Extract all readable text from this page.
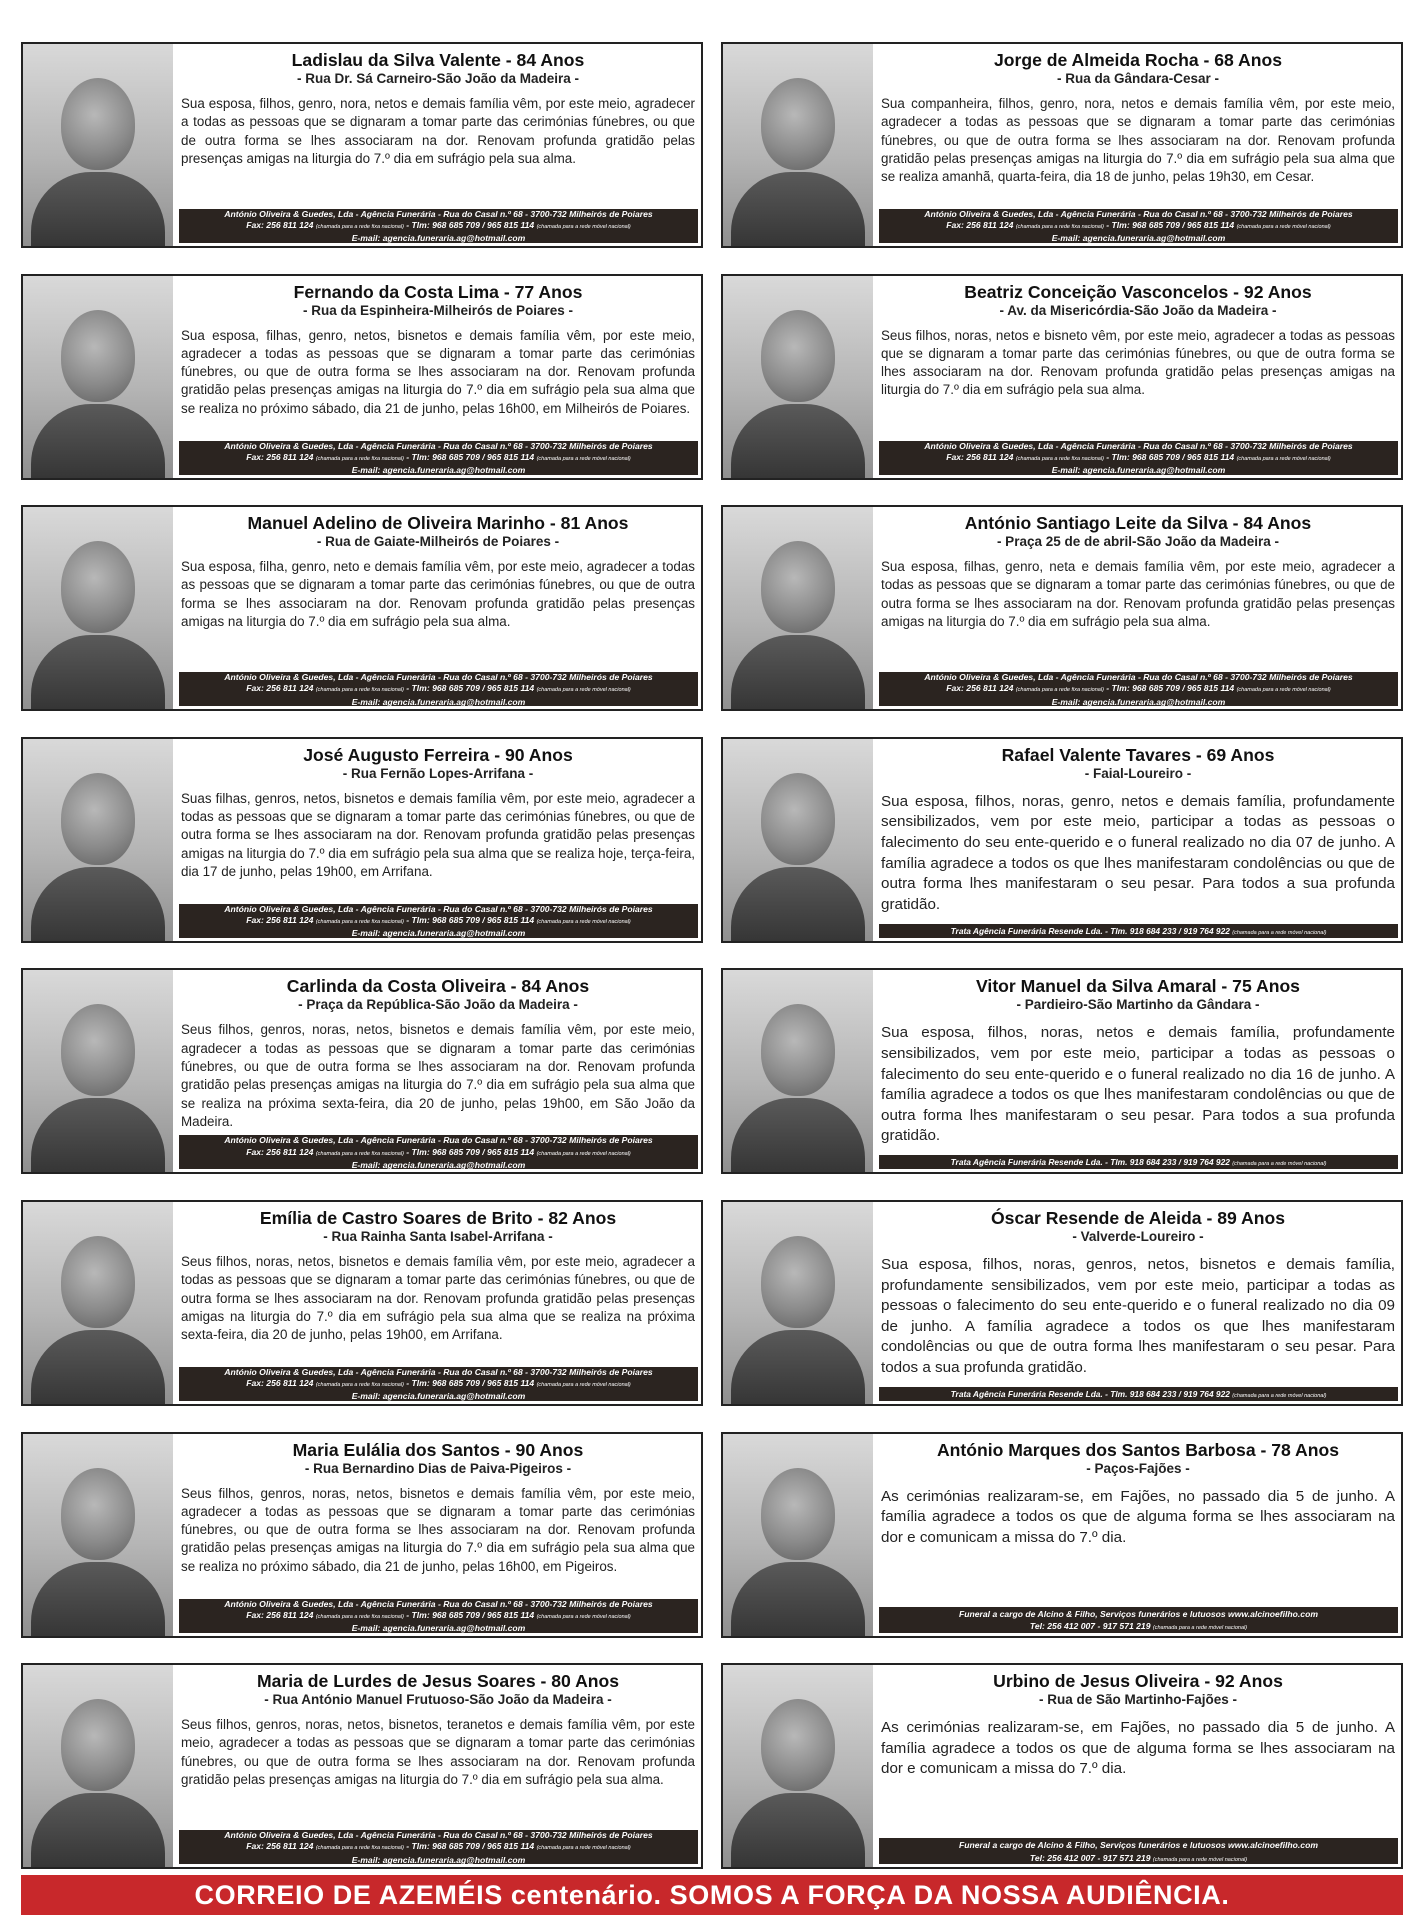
Ladislau da Silva Valente - 84 Anos
- Rua Dr. Sá Carneiro-São João da Madeira -
Sua esposa, filhos, genro, nora, netos e demais família vêm, por este meio, agradecer a todas as pessoas que se dignaram a tomar parte das cerimónias fúnebres, ou que de outra forma se lhes associaram na dor. Renovam profunda gratidão pelas presenças amigas na liturgia do 7.º dia em sufrágio pela sua alma.
António Oliveira & Guedes, Lda - Agência Funerária - Rua do Casal n.º 68 - 3700-732 Milheirós de Poiares
Fax: 256 811 124 (chamada para a rede fixa nacional) - Tlm: 968 685 709 / 965 815 114 (chamada para a rede móvel nacional)
E-mail: agencia.funeraria.ag@hotmail.com
Jorge de Almeida Rocha - 68 Anos
- Rua da Gândara-Cesar -
Sua companheira, filhos, genro, nora, netos e demais família vêm, por este meio, agradecer a todas as pessoas que se dignaram a tomar parte das cerimónias fúnebres, ou que de outra forma se lhes associaram na dor. Renovam profunda gratidão pelas presenças amigas na liturgia do 7.º dia em sufrágio pela sua alma que se realiza amanhã, quarta-feira, dia 18 de junho, pelas 19h30, em Cesar.
António Oliveira & Guedes, Lda - Agência Funerária - Rua do Casal n.º 68 - 3700-732 Milheirós de Poiares
Fax: 256 811 124 (chamada para a rede fixa nacional) - Tlm: 968 685 709 / 965 815 114 (chamada para a rede móvel nacional)
E-mail: agencia.funeraria.ag@hotmail.com
Fernando da Costa Lima - 77 Anos
- Rua da Espinheira-Milheirós de Poiares -
Sua esposa, filhas, genro, netos, bisnetos e demais família vêm, por este meio, agradecer a todas as pessoas que se dignaram a tomar parte das cerimónias fúnebres, ou que de outra forma se lhes associaram na dor. Renovam profunda gratidão pelas presenças amigas na liturgia do 7.º dia em sufrágio pela sua alma que se realiza no próximo sábado, dia 21 de junho, pelas 16h00, em Milheirós de Poiares.
António Oliveira & Guedes, Lda - Agência Funerária - Rua do Casal n.º 68 - 3700-732 Milheirós de Poiares
Fax: 256 811 124 (chamada para a rede fixa nacional) - Tlm: 968 685 709 / 965 815 114 (chamada para a rede móvel nacional)
E-mail: agencia.funeraria.ag@hotmail.com
Beatriz Conceição Vasconcelos - 92 Anos
- Av. da Misericórdia-São João da Madeira -
Seus filhos, noras, netos e bisneto vêm, por este meio, agradecer a todas as pessoas que se dignaram a tomar parte das cerimónias fúnebres, ou que de outra forma se lhes associaram na dor. Renovam profunda gratidão pelas presenças amigas na liturgia do 7.º dia em sufrágio pela sua alma.
António Oliveira & Guedes, Lda - Agência Funerária - Rua do Casal n.º 68 - 3700-732 Milheirós de Poiares
Fax: 256 811 124 (chamada para a rede fixa nacional) - Tlm: 968 685 709 / 965 815 114 (chamada para a rede móvel nacional)
E-mail: agencia.funeraria.ag@hotmail.com
Manuel Adelino de Oliveira Marinho - 81 Anos
- Rua de Gaiate-Milheirós de Poiares -
Sua esposa, filha, genro, neto e demais família vêm, por este meio, agradecer a todas as pessoas que se dignaram a tomar parte das cerimónias fúnebres, ou que de outra forma se lhes associaram na dor. Renovam profunda gratidão pelas presenças amigas na liturgia do 7.º dia em sufrágio pela sua alma.
António Oliveira & Guedes, Lda - Agência Funerária - Rua do Casal n.º 68 - 3700-732 Milheirós de Poiares
Fax: 256 811 124 (chamada para a rede fixa nacional) - Tlm: 968 685 709 / 965 815 114 (chamada para a rede móvel nacional)
E-mail: agencia.funeraria.ag@hotmail.com
António Santiago Leite da Silva - 84 Anos
- Praça 25 de de abril-São João da Madeira -
Sua esposa, filhas, genro, neta e demais família vêm, por este meio, agradecer a todas as pessoas que se dignaram a tomar parte das cerimónias fúnebres, ou que de outra forma se lhes associaram na dor. Renovam profunda gratidão pelas presenças amigas na liturgia do 7.º dia em sufrágio pela sua alma.
António Oliveira & Guedes, Lda - Agência Funerária - Rua do Casal n.º 68 - 3700-732 Milheirós de Poiares
Fax: 256 811 124 (chamada para a rede fixa nacional) - Tlm: 968 685 709 / 965 815 114 (chamada para a rede móvel nacional)
E-mail: agencia.funeraria.ag@hotmail.com
José Augusto Ferreira - 90 Anos
- Rua Fernão Lopes-Arrifana -
Suas filhas, genros, netos, bisnetos e demais família vêm, por este meio, agradecer a todas as pessoas que se dignaram a tomar parte das cerimónias fúnebres, ou que de outra forma se lhes associaram na dor. Renovam profunda gratidão pelas presenças amigas na liturgia do 7.º dia em sufrágio pela sua alma que se realiza hoje, terça-feira, dia 17 de junho, pelas 19h00, em Arrifana.
António Oliveira & Guedes, Lda - Agência Funerária - Rua do Casal n.º 68 - 3700-732 Milheirós de Poiares
Fax: 256 811 124 (chamada para a rede fixa nacional) - Tlm: 968 685 709 / 965 815 114 (chamada para a rede móvel nacional)
E-mail: agencia.funeraria.ag@hotmail.com
Rafael Valente Tavares - 69 Anos
- Faial-Loureiro -
Sua esposa, filhos, noras, genro, netos e demais família, profundamente sensibilizados, vem por este meio, participar a todas as pessoas o falecimento do seu ente-querido e o funeral realizado no dia 07 de junho. A família agradece a todos os que lhes manifestaram condolências ou que de outra forma lhes manifestaram o seu pesar. Para todos a sua profunda gratidão.
Trata Agência Funerária Resende Lda. - Tlm. 918 684 233 / 919 764 922 (chamada para a rede móvel nacional)
Carlinda da Costa Oliveira - 84 Anos
- Praça da República-São João da Madeira -
Seus filhos, genros, noras, netos, bisnetos e demais família vêm, por este meio, agradecer a todas as pessoas que se dignaram a tomar parte das cerimónias fúnebres, ou que de outra forma se lhes associaram na dor. Renovam profunda gratidão pelas presenças amigas na liturgia do 7.º dia em sufrágio pela sua alma que se realiza na próxima sexta-feira, dia 20 de junho, pelas 19h00, em São João da Madeira.
António Oliveira & Guedes, Lda - Agência Funerária - Rua do Casal n.º 68 - 3700-732 Milheirós de Poiares
Fax: 256 811 124 (chamada para a rede fixa nacional) - Tlm: 968 685 709 / 965 815 114 (chamada para a rede móvel nacional)
E-mail: agencia.funeraria.ag@hotmail.com
Vitor Manuel da Silva Amaral - 75 Anos
- Pardieiro-São Martinho da Gândara -
Sua esposa, filhos, noras, netos e demais família, profundamente sensibilizados, vem por este meio, participar a todas as pessoas o falecimento do seu ente-querido e o funeral realizado no dia 16 de junho. A família agradece a todos os que lhes manifestaram condolências ou que de outra forma lhes manifestaram o seu pesar. Para todos a sua profunda gratidão.
Trata Agência Funerária Resende Lda. - Tlm. 918 684 233 / 919 764 922 (chamada para a rede móvel nacional)
Emília de Castro Soares de Brito - 82 Anos
- Rua Rainha Santa Isabel-Arrifana -
Seus filhos, noras, netos, bisnetos e demais família vêm, por este meio, agradecer a todas as pessoas que se dignaram a tomar parte das cerimónias fúnebres, ou que de outra forma se lhes associaram na dor. Renovam profunda gratidão pelas presenças amigas na liturgia do 7.º dia em sufrágio pela sua alma que se realiza na próxima sexta-feira, dia 20 de junho, pelas 19h00, em Arrifana.
António Oliveira & Guedes, Lda - Agência Funerária - Rua do Casal n.º 68 - 3700-732 Milheirós de Poiares
Fax: 256 811 124 (chamada para a rede fixa nacional) - Tlm: 968 685 709 / 965 815 114 (chamada para a rede móvel nacional)
E-mail: agencia.funeraria.ag@hotmail.com
Óscar Resende de Aleida - 89 Anos
- Valverde-Loureiro -
Sua esposa, filhos, noras, genros, netos, bisnetos e demais família, profundamente sensibilizados, vem por este meio, participar a todas as pessoas o falecimento do seu ente-querido e o funeral realizado no dia 09 de junho. A família agradece a todos os que lhes manifestaram condolências ou que de outra forma lhes manifestaram o seu pesar. Para todos a sua profunda gratidão.
Trata Agência Funerária Resende Lda. - Tlm. 918 684 233 / 919 764 922 (chamada para a rede móvel nacional)
Maria Eulália dos Santos - 90 Anos
- Rua Bernardino Dias de Paiva-Pigeiros -
Seus filhos, genros, noras, netos, bisnetos e demais família vêm, por este meio, agradecer a todas as pessoas que se dignaram a tomar parte das cerimónias fúnebres, ou que de outra forma se lhes associaram na dor. Renovam profunda gratidão pelas presenças amigas na liturgia do 7.º dia em sufrágio pela sua alma que se realiza no próximo sábado, dia 21 de junho, pelas 16h00, em Pigeiros.
António Oliveira & Guedes, Lda - Agência Funerária - Rua do Casal n.º 68 - 3700-732 Milheirós de Poiares
Fax: 256 811 124 (chamada para a rede fixa nacional) - Tlm: 968 685 709 / 965 815 114 (chamada para a rede móvel nacional)
E-mail: agencia.funeraria.ag@hotmail.com
António Marques dos Santos Barbosa - 78 Anos
- Paços-Fajões -
As cerimónias realizaram-se, em Fajões, no passado dia 5 de junho. A família agradece a todos os que de alguma forma se lhes associaram na dor e comunicam a missa do 7.º dia.
Funeral a cargo de Alcino & Filho, Serviços funerários e lutuosos www.alcinoefilho.com
Tel: 256 412 007 - 917 571 219 (chamada para a rede móvel nacional)
Maria de Lurdes de Jesus Soares - 80 Anos
- Rua António Manuel Frutuoso-São João da Madeira -
Seus filhos, genros, noras, netos, bisnetos, teranetos e demais família vêm, por este meio, agradecer a todas as pessoas que se dignaram a tomar parte das cerimónias fúnebres, ou que de outra forma se lhes associaram na dor. Renovam profunda gratidão pelas presenças amigas na liturgia do 7.º dia em sufrágio pela sua alma.
António Oliveira & Guedes, Lda - Agência Funerária - Rua do Casal n.º 68 - 3700-732 Milheirós de Poiares
Fax: 256 811 124 (chamada para a rede fixa nacional) - Tlm: 968 685 709 / 965 815 114 (chamada para a rede móvel nacional)
E-mail: agencia.funeraria.ag@hotmail.com
Urbino de Jesus Oliveira - 92 Anos
- Rua de São Martinho-Fajões -
As cerimónias realizaram-se, em Fajões, no passado dia 5 de junho. A família agradece a todos os que de alguma forma se lhes associaram na dor e comunicam a missa do 7.º dia.
Funeral a cargo de Alcino & Filho, Serviços funerários e lutuosos www.alcinoefilho.com
Tel: 256 412 007 - 917 571 219 (chamada para a rede móvel nacional)
CORREIO DE AZEMÉIS centenário. SOMOS A FORÇA DA NOSSA AUDIÊNCIA.
